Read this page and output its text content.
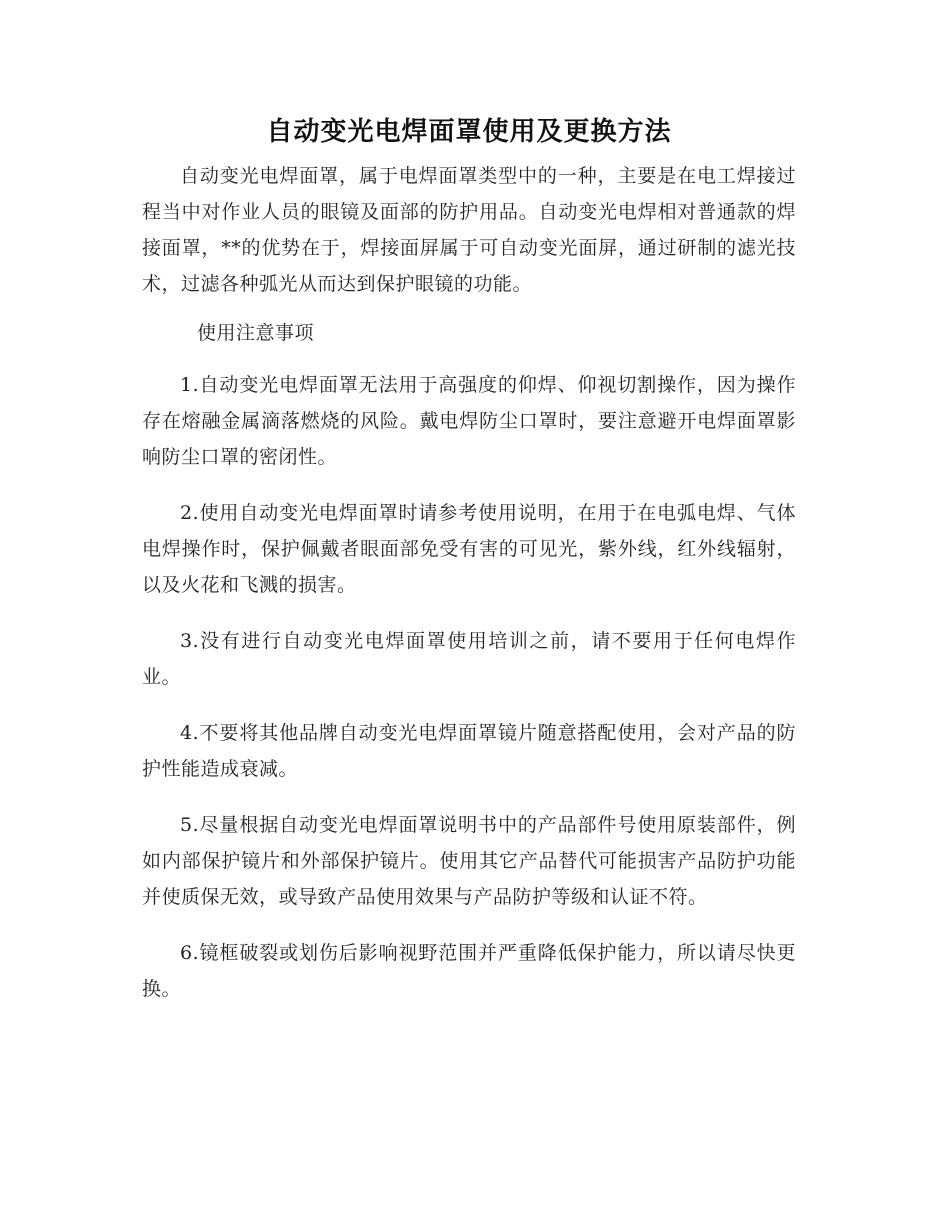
自动变光电焊面罩使用及更换方法

自动变光电焊面罩，属于电焊面罩类型中的一种，主要是在电工焊接过程当中对作业人员的眼镜及面部的防护用品。自动变光电焊相对普通款的焊接面罩，**的优势在于，焊接面屏属于可自动变光面屏，通过研制的滤光技术，过滤各种弧光从而达到保护眼镜的功能。

使用注意事项

1.自动变光电焊面罩无法用于高强度的仰焊、仰视切割操作，因为操作存在熔融金属滴落燃烧的风险。戴电焊防尘口罩时，要注意避开电焊面罩影响防尘口罩的密闭性。

2.使用自动变光电焊面罩时请参考使用说明，在用于在电弧电焊、气体电焊操作时，保护佩戴者眼面部免受有害的可见光，紫外线，红外线辐射，以及火花和飞溅的损害。

3.没有进行自动变光电焊面罩使用培训之前，请不要用于任何电焊作业。

4.不要将其他品牌自动变光电焊面罩镜片随意搭配使用，会对产品的防护性能造成衰减。

5.尽量根据自动变光电焊面罩说明书中的产品部件号使用原装部件，例如内部保护镜片和外部保护镜片。使用其它产品替代可能损害产品防护功能并使质保无效，或导致产品使用效果与产品防护等级和认证不符。

6.镜框破裂或划伤后影响视野范围并严重降低保护能力，所以请尽快更换。
